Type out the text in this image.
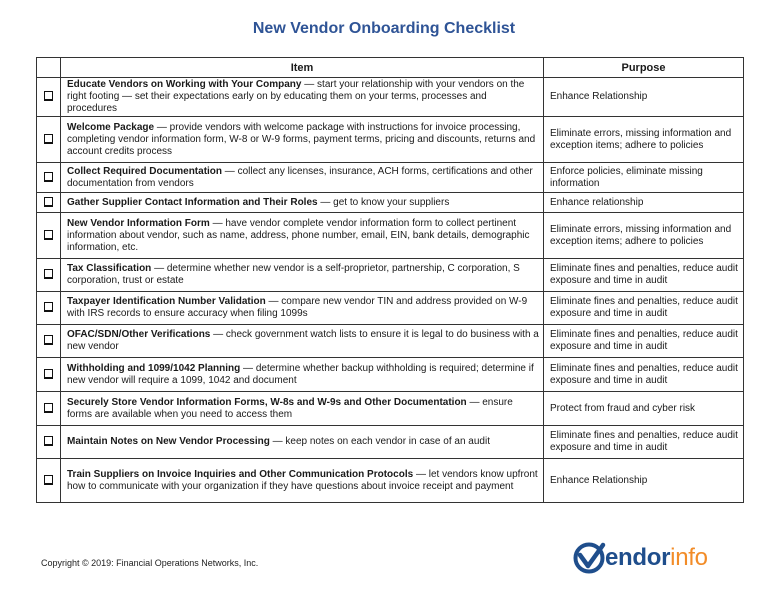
New Vendor Onboarding Checklist
	Item	Purpose
	Educate Vendors on Working with Your Company — start your relationship with your vendors on the right footing — set their expectations early on by educating them on your terms, processes and procedures	Enhance Relationship
	Welcome Package — provide vendors with welcome package with instructions for invoice processing, completing vendor information form, W-8 or W-9 forms, payment terms, pricing and discounts, returns and account credits process	Eliminate errors, missing information and exception items; adhere to policies
	Collect Required Documentation — collect any licenses, insurance, ACH forms, certifications and other documentation from vendors	Enforce policies, eliminate missing information
	Gather Supplier Contact Information and Their Roles — get to know your suppliers	Enhance relationship
	New Vendor Information Form — have vendor complete vendor information form to collect pertinent information about vendor, such as name, address, phone number, email, EIN, bank details, demographic information, etc.	Eliminate errors, missing information and exception items; adhere to policies
	Tax Classification — determine whether new vendor is a self-proprietor, partnership, C corporation, S corporation, trust or estate	Eliminate fines and penalties, reduce audit exposure and time in audit
	Taxpayer Identification Number Validation — compare new vendor TIN and address provided on W-9 with IRS records to ensure accuracy when filing 1099s	Eliminate fines and penalties, reduce audit exposure and time in audit
	OFAC/SDN/Other Verifications — check government watch lists to ensure it is legal to do business with a new vendor	Eliminate fines and penalties, reduce audit exposure and time in audit
	Withholding and 1099/1042 Planning — determine whether backup withholding is required; determine if new vendor will require a 1099, 1042 and document	Eliminate fines and penalties, reduce audit exposure and time in audit
	Securely Store Vendor Information Forms, W-8s and W-9s and Other Documentation — ensure forms are available when you need to access them	Protect from fraud and cyber risk
	Maintain Notes on New Vendor Processing — keep notes on each vendor in case of an audit	Eliminate fines and penalties, reduce audit exposure and time in audit
	Train Suppliers on Invoice Inquiries and Other Communication Protocols — let vendors know upfront how to communicate with your organization if they have questions about invoice receipt and payment	Enhance Relationship
Copyright © 2019: Financial Operations Networks, Inc.	endorinfo
